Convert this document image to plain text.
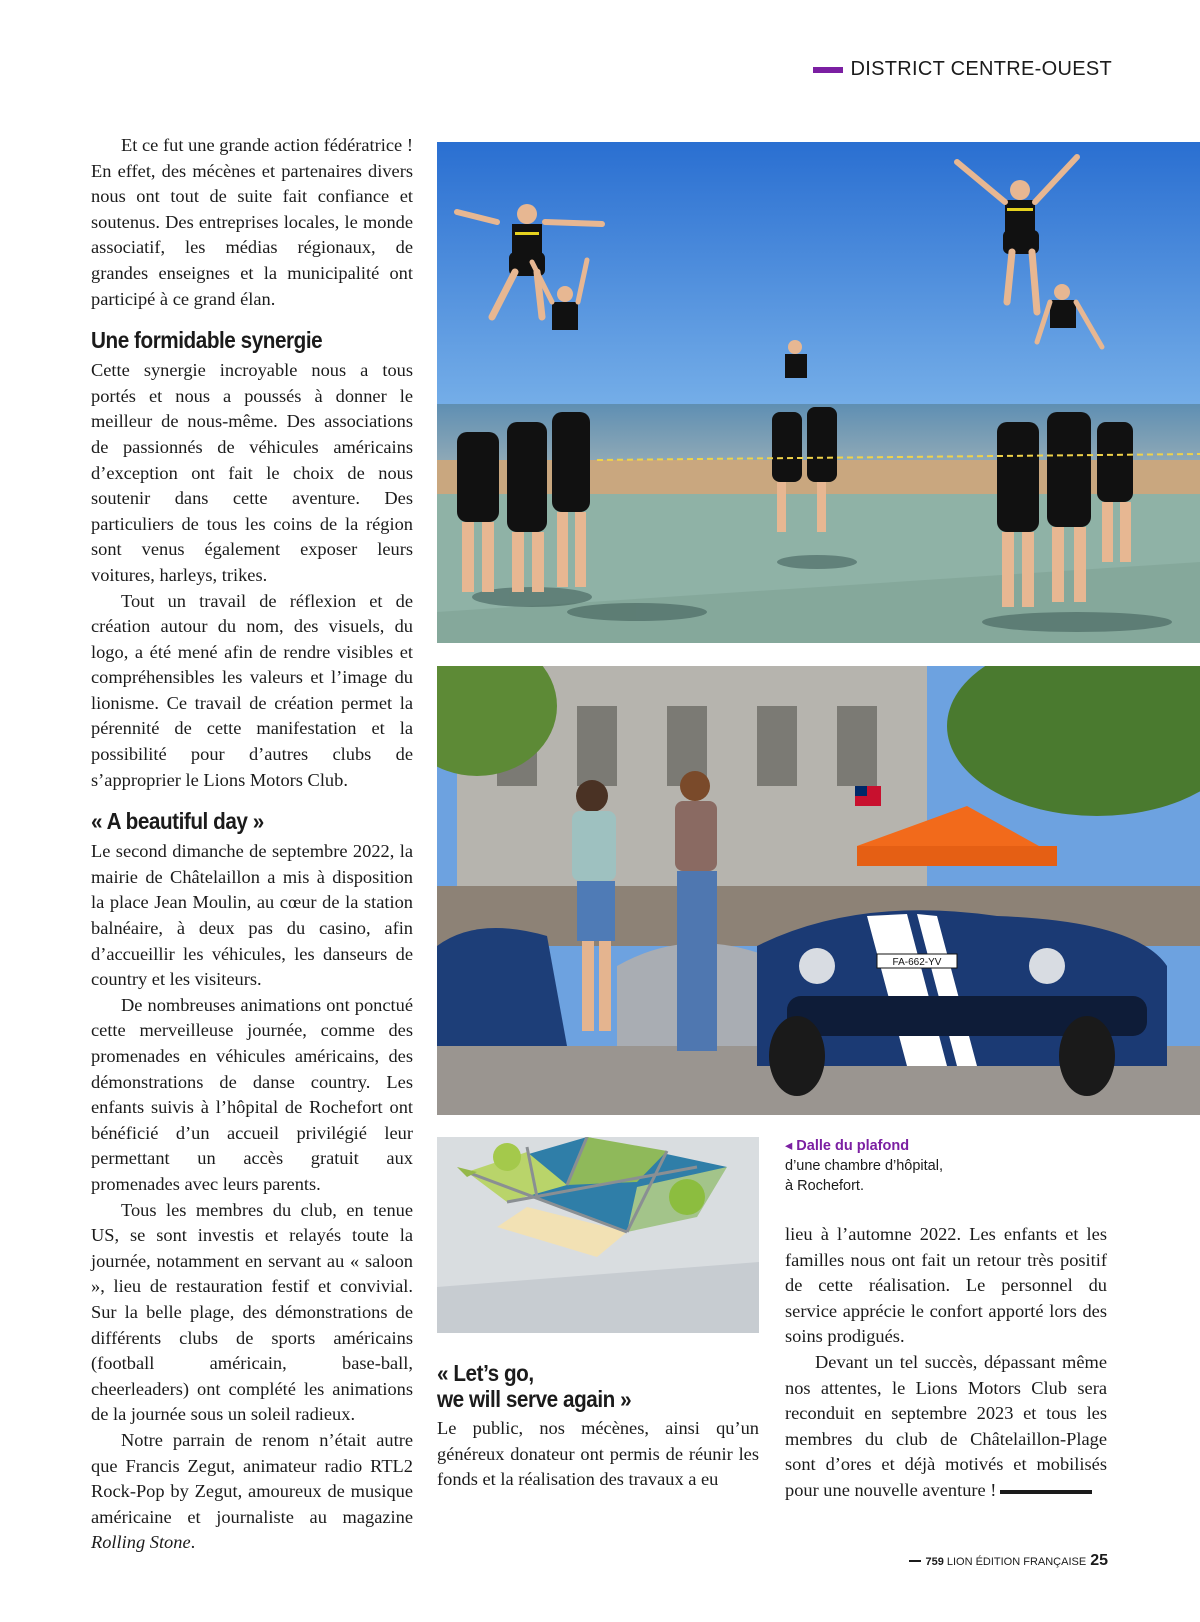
DISTRICT CENTRE-OUEST

Et ce fut une grande action fédératrice ! En effet, des mécènes et partenaires divers nous ont tout de suite fait confiance et soutenus. Des entreprises locales, le monde associatif, les médias régionaux, de grandes enseignes et la municipalité ont participé à ce grand élan.

Une formidable synergie

Cette synergie incroyable nous a tous portés et nous a poussés à donner le meilleur de nous-même. Des associations de passionnés de véhicules américains d’exception ont fait le choix de nous soutenir dans cette aventure. Des particuliers de tous les coins de la région sont venus également exposer leurs voitures, harleys, trikes.

Tout un travail de réflexion et de création autour du nom, des visuels, du logo, a été mené afin de rendre visibles et compréhensibles les valeurs et l’image du lionisme. Ce travail de création permet la pérennité de cette manifestation et la possibilité pour d’autres clubs de s’approprier le Lions Motors Club.

« A beautiful day »

Le second dimanche de septembre 2022, la mairie de Châtelaillon a mis à disposition la place Jean Moulin, au cœur de la station balnéaire, à deux pas du casino, afin d’accueillir les véhicules, les danseurs de country et les visiteurs.

De nombreuses animations ont ponctué cette merveilleuse journée, comme des promenades en véhicules américains, des démonstrations de danse country. Les enfants suivis à l’hôpital de Rochefort ont bénéficié d’un accueil privilégié leur permettant un accès gratuit aux promenades avec leurs parents.

Tous les membres du club, en tenue US, se sont investis et relayés toute la journée, notamment en servant au « saloon », lieu de restauration festif et convivial. Sur la belle plage, des démonstrations de différents clubs de sports américains (football américain, base-ball, cheerleaders) ont complété les animations de la journée sous un soleil radieux.

Notre parrain de renom n’était autre que Francis Zegut, animateur radio RTL2 Rock-Pop by Zegut, amoureux de musique américaine et journaliste au magazine Rolling Stone.

FA-662-YV
◂ Dalle du plafond
d’une chambre d’hôpital,
à Rochefort.
« Let’s go,
we will serve again »

Le public, nos mécènes, ainsi qu’un généreux donateur ont permis de réunir les fonds et la réalisation des travaux a eu

lieu à l’automne 2022. Les enfants et les familles nous ont fait un retour très positif de cette réalisation. Le personnel du service apprécie le confort apporté lors des soins prodigués.

Devant un tel succès, dépassant même nos attentes, le Lions Motors Club sera reconduit en septembre 2023 et tous les membres du club de Châtelaillon-Plage sont d’ores et déjà motivés et mobilisés pour une nouvelle aventure !

759 LION ÉDITION FRANÇAISE 25
